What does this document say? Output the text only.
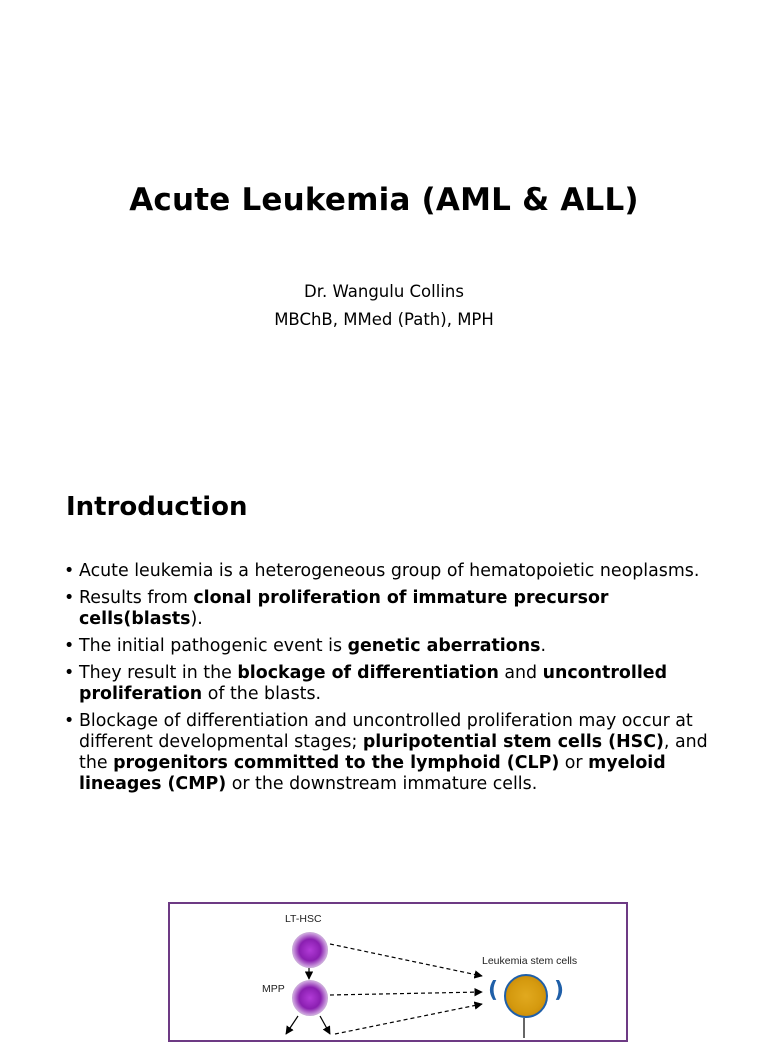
Acute Leukemia (AML & ALL)
Dr. Wangulu Collins
MBChB, MMed (Path), MPH
Introduction
• Acute leukemia is a heterogeneous group of hematopoietic neoplasms.
• Results from clonal proliferation of immature precursor cells(blasts).
• The initial pathogenic event is genetic aberrations.
• They result in the blockage of differentiation and uncontrolled proliferation of the blasts.
• Blockage of differentiation and uncontrolled proliferation may occur at different developmental stages; pluripotential stem cells (HSC), and the progenitors committed to the lymphoid (CLP) or myeloid lineages (CMP) or the downstream immature cells.
LT-HSC
MPP
Leukemia stem cells
(	)
